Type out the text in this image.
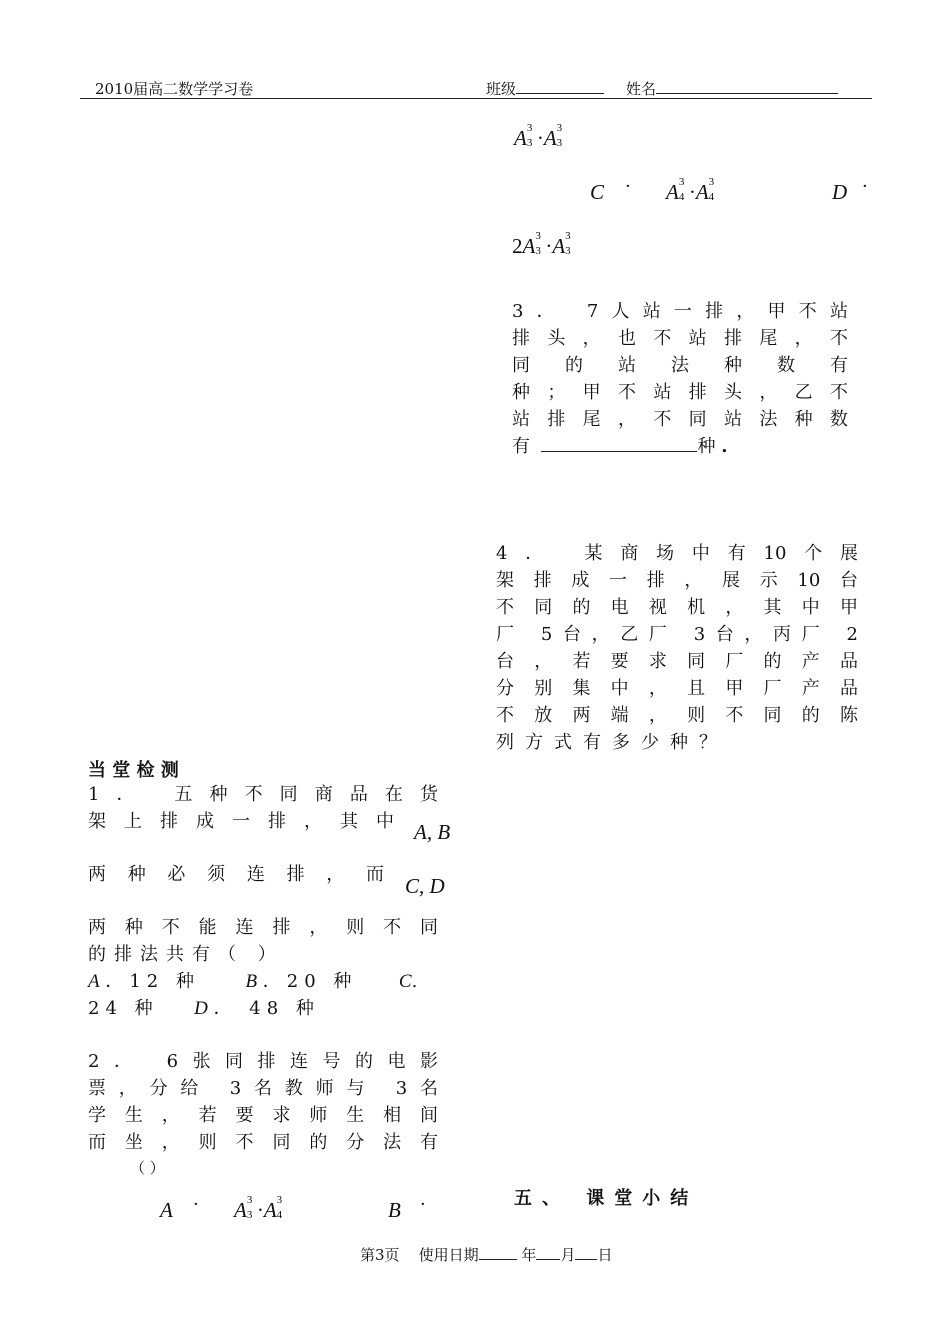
2010届高二数学学习卷	班级	姓名
A 3
3 ·A 3
3
C · A 3
4 ·A 3
4	D ·
2A 3
3 ·A 3
3
3． 7人站一排，甲不站
排头，也不站排尾，不
同 的 站 法 种 数 有
种；甲不站排头，乙不
站排尾，不同站法种数
有	种 .
4． 某商场中有10个展
架排成一排，展示10台
不同的电视机，其中甲
厂 5台，乙厂 3台，丙厂 2
台，若要求同厂的产品
分别集中，且甲厂产品
不放两端，则不同的陈
列方式有多少种？
当 堂 检 测
1． 五种不同商品在货
架上排成一排，其中 A, B
两 种 必 须 连 排 ， 而 C, D
两种不能连排，则不同
的排法共有（ ）
A ．12 种 B ．20 种 C.
24 种 D ． 48 种
2． 6张同排连号的电影
票，分给 3名教师与 3名
学生，若要求师生相间
而坐，则不同的分法有
（ ）
A · A 3
3 ·A 3
4	B ·	五、 课堂小结
第3页 使用日期	年 月 日
